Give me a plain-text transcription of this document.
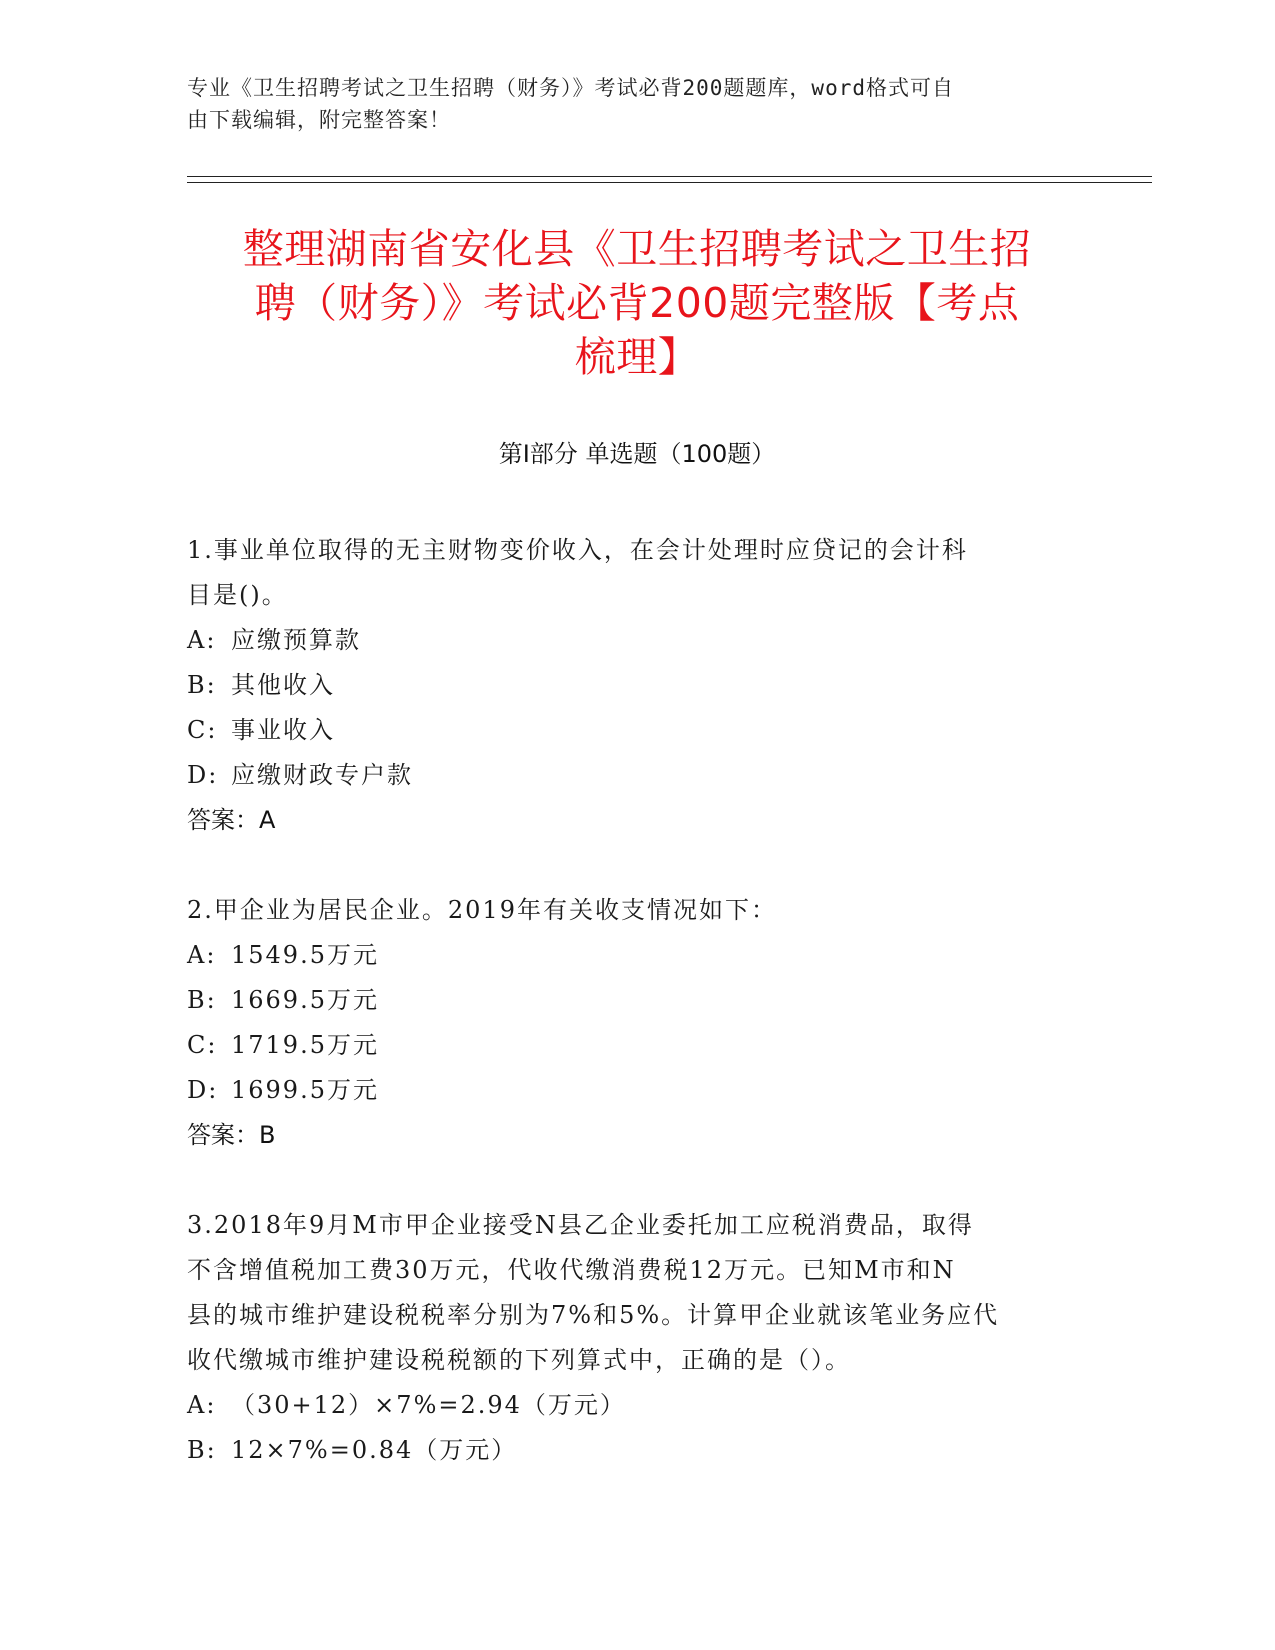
专业《卫生招聘考试之卫生招聘（财务）》考试必背200题题库，word格式可自
由下载编辑，附完整答案！
整理湖南省安化县《卫生招聘考试之卫生招
聘（财务）》考试必背200题完整版【考点
梳理】
第I部分 单选题（100题）
1.事业单位取得的无主财物变价收入，在会计处理时应贷记的会计科
目是()。
A: 应缴预算款
B: 其他收入
C: 事业收入
D: 应缴财政专户款
答案：A
2.甲企业为居民企业。2019年有关收支情况如下：
A: 1549.5万元
B: 1669.5万元
C: 1719.5万元
D: 1699.5万元
答案：B
3.2018年9月M市甲企业接受N县乙企业委托加工应税消费品，取得
不含增值税加工费30万元，代收代缴消费税12万元。已知M市和N
县的城市维护建设税税率分别为7%和5%。计算甲企业就该笔业务应代
收代缴城市维护建设税税额的下列算式中，正确的是（）。
A: （30+12）×7%=2.94（万元）
B: 12×7%=0.84（万元）
